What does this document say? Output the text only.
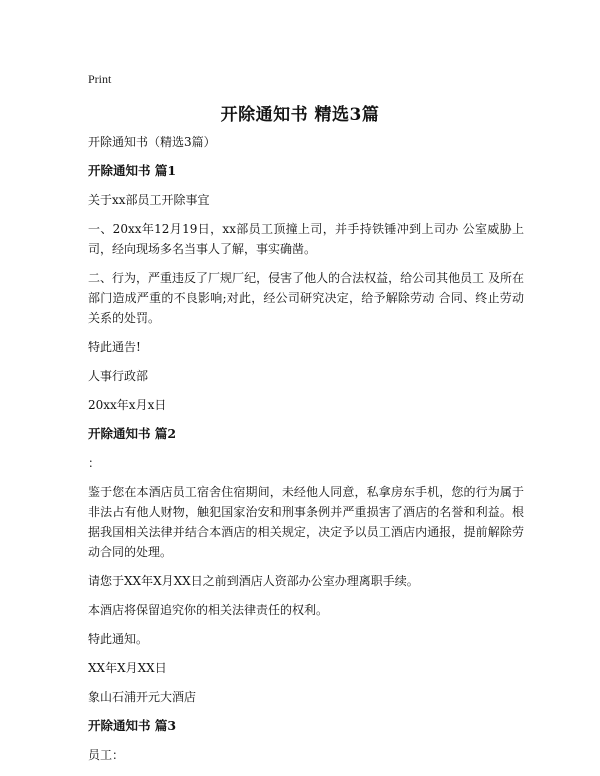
Print
开除通知书 精选3篇

开除通知书（精选3篇）

开除通知书 篇1

关于xx部员工开除事宜

一、20xx年12月19日，xx部员工顶撞上司，并手持铁锤冲到上司办 公室威胁上司，经向现场多名当事人了解，事实确凿。

二、行为，严重违反了厂规厂纪，侵害了他人的合法权益，给公司其他员工 及所在部门造成严重的不良影响;对此，经公司研究决定，给予解除劳动 合同、终止劳动关系的处罚。

特此通告!

人事行政部

20xx年x月x日

开除通知书 篇2

：

鉴于您在本酒店员工宿舍住宿期间，未经他人同意，私拿房东手机，您的行为属于非法占有他人财物，触犯国家治安和刑事条例并严重损害了酒店的名誉和利益。根据我国相关法律并结合本酒店的相关规定，决定予以员工酒店内通报，提前解除劳动合同的处理。

请您于XX年X月XX日之前到酒店人资部办公室办理离职手续。

本酒店将保留追究你的相关法律责任的权利。

特此通知。

XX年X月XX日

象山石浦开元大酒店

开除通知书 篇3

员工：
